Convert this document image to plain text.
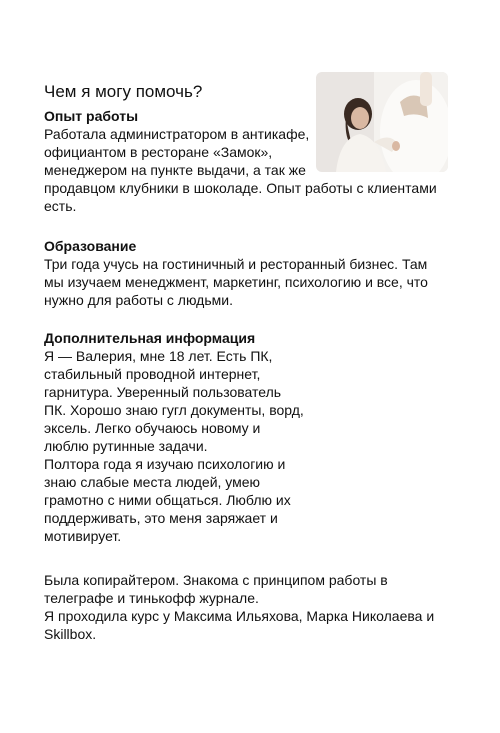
Чем я могу помочь?

Опыт работы

Работала администратором в антикафе,

официантом в ресторане «Замок»,

менеджером на пункте выдачи, а так же

продавцом клубники в шоколаде. Опыт работы с клиентами

есть.

Образование

Три года учусь на гостиничный и ресторанный бизнес. Там

мы изучаем менеджмент, маркетинг, психологию и все, что

нужно для работы с людьми.

Дополнительная информация

Я — Валерия, мне 18 лет. Есть ПК,

стабильный проводной интернет,

гарнитура. Уверенный пользователь

ПК. Хорошо знаю гугл документы, ворд,

эксель. Легко обучаюсь новому и

люблю рутинные задачи.

Полтора года я изучаю психологию и

знаю слабые места людей, умею

грамотно с ними общаться. Люблю их

поддерживать, это меня заряжает и

мотивирует.

Была копирайтером. Знакома с принципом работы в

телеграфе и тинькофф журнале.

Я проходила курс у Максима Ильяхова, Марка Николаева и

Skillbox.
